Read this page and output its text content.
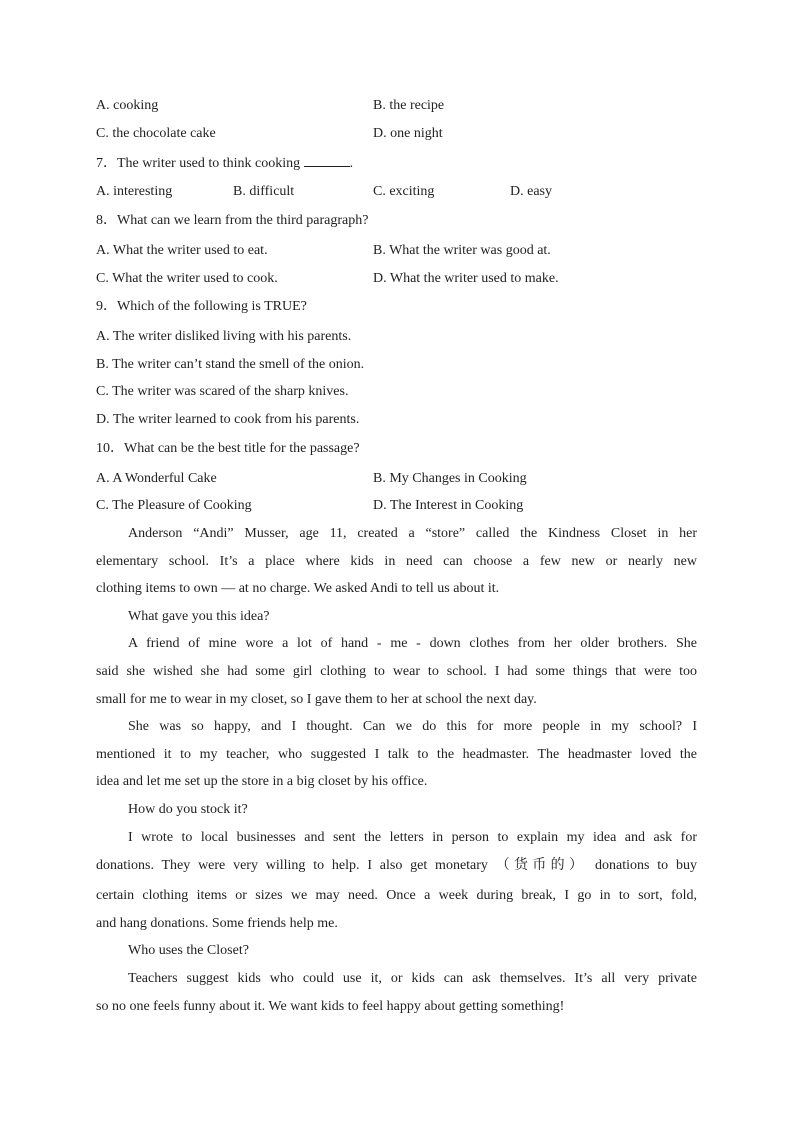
A. cooking	B. the recipe
C. the chocolate cake	D. one night
7．The writer used to think cooking	.
A. interesting	B. difficult	C. exciting	D. easy
8．What can we learn from the third paragraph?
A. What the writer used to eat.	B. What the writer was good at.
C. What the writer used to cook.	D. What the writer used to make.
9．Which of the following is TRUE?
A. The writer disliked living with his parents.
B. The writer can’t stand the smell of the onion.
C. The writer was scared of the sharp knives.
D. The writer learned to cook from his parents.
10．What can be the best title for the passage?
A. A Wonderful Cake	B. My Changes in Cooking
C. The Pleasure of Cooking	D. The Interest in Cooking
Anderson “Andi” Musser, age 11, created a “store” called the Kindness Closet in her
elementary school. It’s a place where kids in need can choose a few new or nearly new
clothing items to own — at no charge. We asked Andi to tell us about it.
What gave you this idea?
A friend of mine wore a lot of hand - me - down clothes from her older brothers. She
said she wished she had some girl clothing to wear to school. I had some things that were too
small for me to wear in my closet, so I gave them to her at school the next day.
She was so happy, and I thought. Can we do this for more people in my school? I
mentioned it to my teacher, who suggested I talk to the headmaster. The headmaster loved the
idea and let me set up the store in a big closet by his office.
How do you stock it?
I wrote to local businesses and sent the letters in person to explain my idea and ask for
donations. They were very willing to help. I also get monetary （货币的） donations to buy
certain clothing items or sizes we may need. Once a week during break, I go in to sort, fold,
and hang donations. Some friends help me.
Who uses the Closet?
Teachers suggest kids who could use it, or kids can ask themselves. It’s all very private
so no one feels funny about it. We want kids to feel happy about getting something!
